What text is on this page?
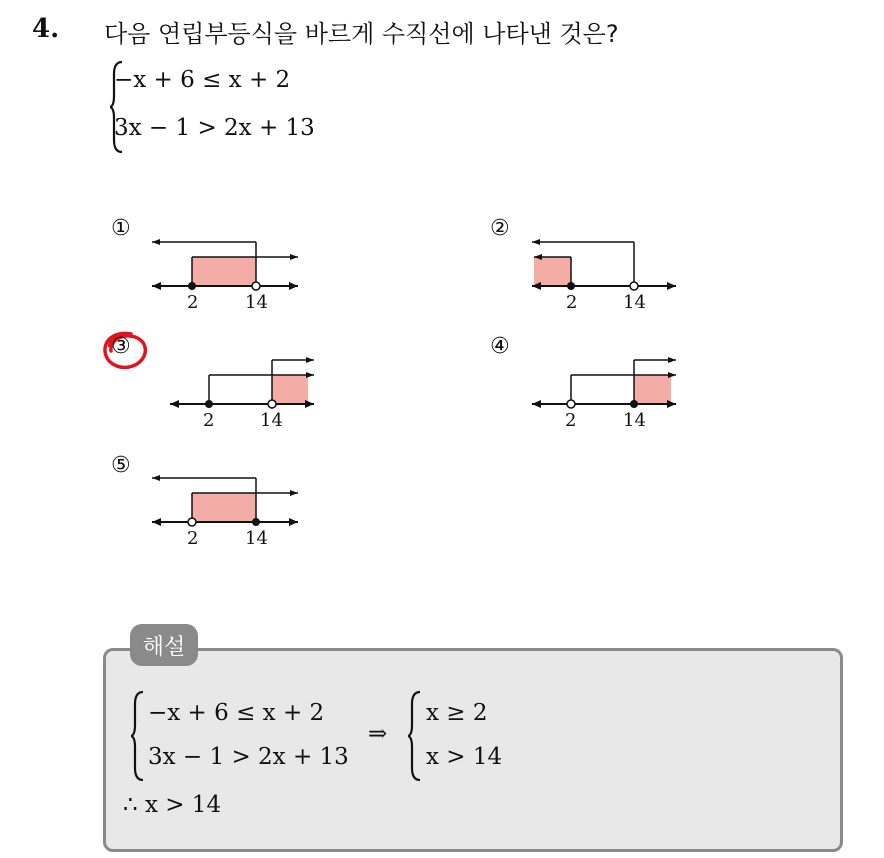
4. 다음 연립부등식을 바르게 수직선에 나타낸 것은?
−x + 6 ≤ x + 2
3x − 1 > 2x + 13
①
2	14
②
2	14
③
2	14
④
2	14
⑤
2	14
해설
−x + 6 ≤ x + 2
3x − 1 > 2x + 13
⇒
x ≥ 2
x > 14
∴ x > 14
